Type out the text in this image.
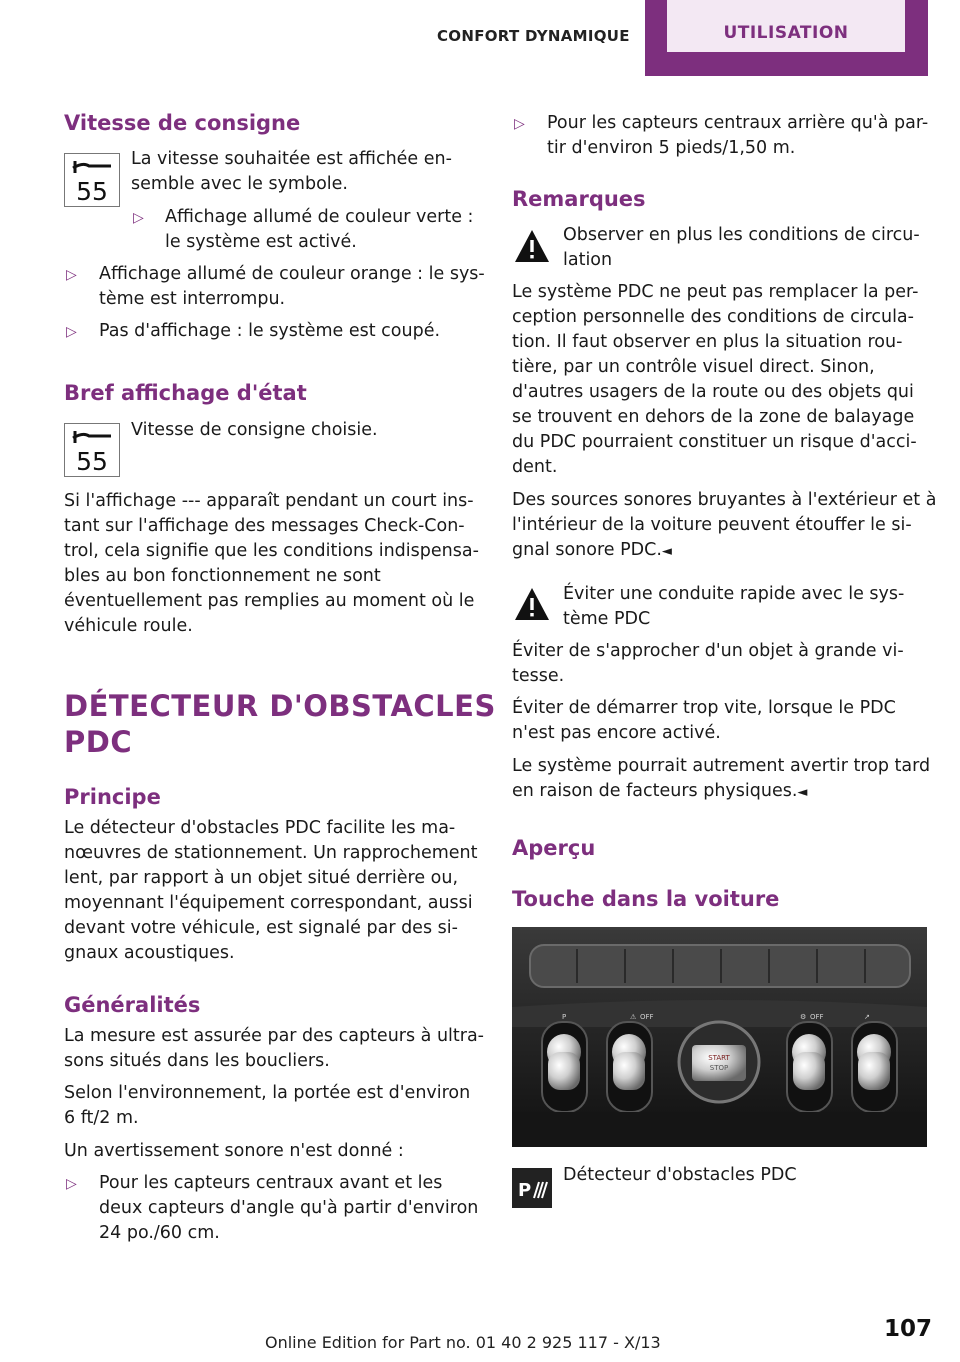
CONFORT DYNAMIQUE	UTILISATION
Vitesse de consigne
55
La vitesse souhaitée est affichée en-
semble avec le symbole.
▷ Affichage allumé de couleur verte :
le système est activé.
▷ Affichage allumé de couleur orange : le sys-
tème est interrompu.
▷ Pas d'affichage : le système est coupé.
Bref affichage d'état
55
Vitesse de consigne choisie.
Si l'affichage --- apparaît pendant un court ins-
tant sur l'affichage des messages Check-Con-
trol, cela signifie que les conditions indispensa-
bles au bon fonctionnement ne sont
éventuellement pas remplies au moment où le
véhicule roule.
DÉTECTEUR D'OBSTACLES
PDC
Principe
Le détecteur d'obstacles PDC facilite les ma-
nœuvres de stationnement. Un rapprochement
lent, par rapport à un objet situé derrière ou,
moyennant l'équipement correspondant, aussi
devant votre véhicule, est signalé par des si-
gnaux acoustiques.
Généralités
La mesure est assurée par des capteurs à ultra-
sons situés dans les boucliers.
Selon l'environnement, la portée est d'environ
6 ft/2 m.
Un avertissement sonore n'est donné :
▷ Pour les capteurs centraux avant et les
deux capteurs d'angle qu'à partir d'environ
24 po./60 cm.
▷ Pour les capteurs centraux arrière qu'à par-
tir d'environ 5 pieds/1,50 m.
Remarques
Observer en plus les conditions de circu-
lation
Le système PDC ne peut pas remplacer la per-
ception personnelle des conditions de circula-
tion. Il faut observer en plus la situation rou-
tière, par un contrôle visuel direct. Sinon,
d'autres usagers de la route ou des objets qui
se trouvent en dehors de la zone de balayage
du PDC pourraient constituer un risque d'acci-
dent.
Des sources sonores bruyantes à l'extérieur et à
l'intérieur de la voiture peuvent étouffer le si-
gnal sonore PDC.◄
Éviter une conduite rapide avec le sys-
tème PDC
Éviter de s'approcher d'un objet à grande vi-
tesse.
Éviter de démarrer trop vite, lorsque le PDC
n'est pas encore activé.
Le système pourrait autrement avertir trop tard
en raison de facteurs physiques.◄
Aperçu
Touche dans la voiture
START
STOP
P	⚠ OFF	⚙ OFF	↗
P
Détecteur d'obstacles PDC
107
Online Edition for Part no. 01 40 2 925 117 - X/13
